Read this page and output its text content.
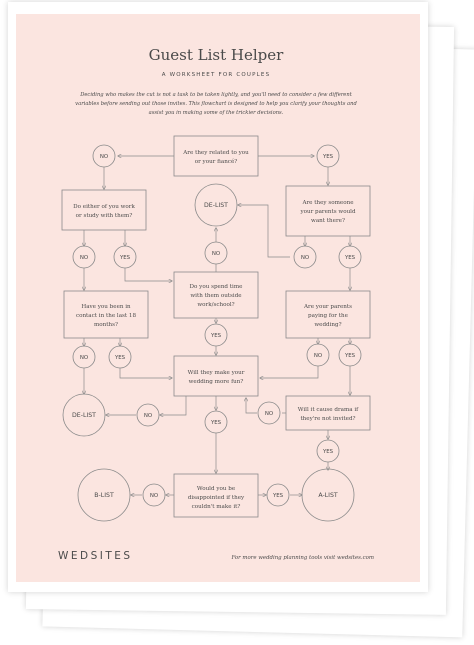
Guest List Helper
A WORKSHEET FOR COUPLES
Deciding who makes the cut is not a task to be taken lightly, and you'll need to consider a few different
variables before sending out those invites. This flowchart is designed to help you clarify your thoughts and
assist you in making some of the trickier decisions.
Are they related to you
or your fiancé?
Do either of you work
or study with them?
Are they someone
your parents would
want there?
Do you spend time
with them outside
work/school?
Have you been in
contact in the last 18
months?
Are your parents
paying for the
wedding?
Will they make your
wedding more fun?
Will it cause drama if
they're not invited?
Would you be
disappointed if they
couldn't make it?
NO	YES
NO	YES
NO
NO	YES
YES
NO	YES	NO	YES
NO
YES
NO
YES
NO	YES
DE-LIST
DE-LIST
B-LIST	A-LIST
WEDSITES	For more wedding planning tools visit wedsites.com
